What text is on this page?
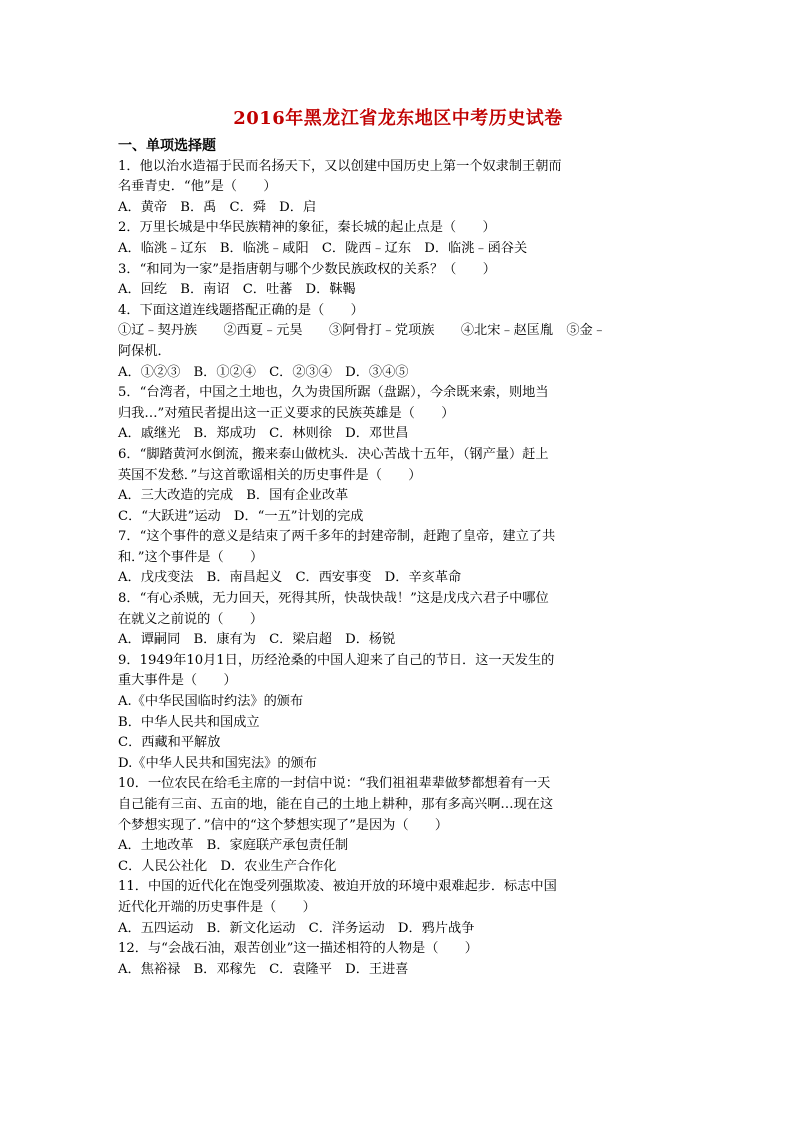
2016年黑龙江省龙东地区中考历史试卷
一、单项选择题
1．他以治水造福于民而名扬天下，又以创建中国历史上第一个奴隶制王朝而
名垂青史．“他”是（　　）
A．黄帝　B．禹　C．舜　D．启
2．万里长城是中华民族精神的象征，秦长城的起止点是（　　）
A．临洮﹣辽东　B．临洮﹣咸阳　C．陇西﹣辽东　D．临洮﹣函谷关
3．“和同为一家”是指唐朝与哪个少数民族政权的关系？（　　）
A．回纥　B．南诏　C．吐蕃　D．靺鞨
4．下面这道连线题搭配正确的是（　　）
①辽﹣契丹族　　②西夏﹣元昊　　③阿骨打﹣党项族　　④北宋﹣赵匡胤　⑤金﹣
阿保机．
A．①②③　B．①②④　C．②③④　D．③④⑤
5．“台湾者，中国之土地也，久为贵国所踞（盘踞），今余既来索，则地当
归我…”对殖民者提出这一正义要求的民族英雄是（　　）
A．戚继光　B．郑成功　C．林则徐　D．邓世昌
6．“脚踏黄河水倒流，搬来泰山做枕头．决心苦战十五年，（钢产量）赶上
英国不发愁．”与这首歌谣相关的历史事件是（　　）
A．三大改造的完成　B．国有企业改革
C．“大跃进”运动　D．“一五”计划的完成
7．“这个事件的意义是结束了两千多年的封建帝制，赶跑了皇帝，建立了共
和．”这个事件是（　　）
A．戊戌变法　B．南昌起义　C．西安事变　D．辛亥革命
8．“有心杀贼，无力回天，死得其所，快哉快哉！”这是戊戌六君子中哪位
在就义之前说的（　　）
A．谭嗣同　B．康有为　C．梁启超　D．杨锐
9．1949年10月1日，历经沧桑的中国人迎来了自己的节日．这一天发生的
重大事件是（　　）
A.《中华民国临时约法》的颁布
B．中华人民共和国成立
C．西藏和平解放
D.《中华人民共和国宪法》的颁布
10．一位农民在给毛主席的一封信中说：“我们祖祖辈辈做梦都想着有一天
自己能有三亩、五亩的地，能在自己的土地上耕种，那有多高兴啊…现在这
个梦想实现了．”信中的“这个梦想实现了”是因为（　　）
A．土地改革　B．家庭联产承包责任制
C．人民公社化　D．农业生产合作化
11．中国的近代化在饱受列强欺凌、被迫开放的环境中艰难起步．标志中国
近代化开端的历史事件是（　　）
A．五四运动　B．新文化运动　C．洋务运动　D．鸦片战争
12．与“会战石油，艰苦创业”这一描述相符的人物是（　　）
A．焦裕禄　B．邓稼先　C．袁隆平　D．王进喜
